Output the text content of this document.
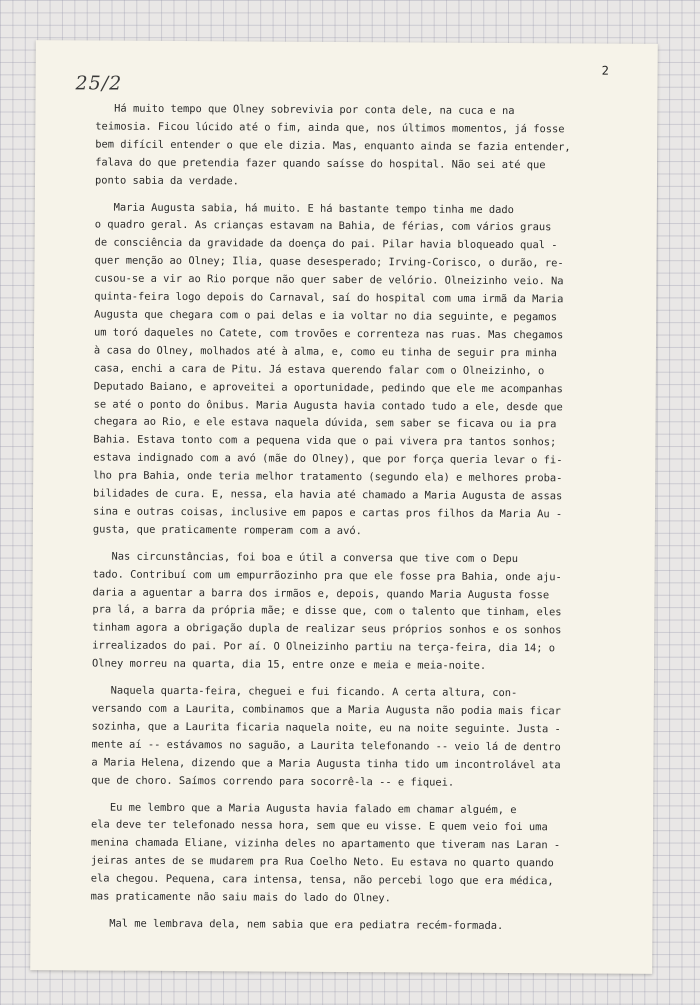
25/2
2
Há muito tempo que Olney sobrevivia por conta dele, na cuca e na
teimosia. Ficou lúcido até o fim, ainda que, nos últimos momentos, já fosse
bem difícil entender o que ele dizia. Mas, enquanto ainda se fazia entender,
falava do que pretendia fazer quando saísse do hospital. Não sei até que
ponto sabia da verdade.
Maria Augusta sabia, há muito. E há bastante tempo tinha me dado
o quadro geral. As crianças estavam na Bahia, de férias, com vários graus
de consciência da gravidade da doença do pai. Pilar havia bloqueado qual -
quer menção ao Olney; Ilia, quase desesperado; Irving-Corisco, o durão, re-
cusou-se a vir ao Rio porque não quer saber de velório. Olneizinho veio. Na
quinta-feira logo depois do Carnaval, saí do hospital com uma irmã da Maria
Augusta que chegara com o pai delas e ia voltar no dia seguinte, e pegamos
um toró daqueles no Catete, com trovões e correnteza nas ruas. Mas chegamos
à casa do Olney, molhados até à alma, e, como eu tinha de seguir pra minha
casa, enchi a cara de Pitu. Já estava querendo falar com o Olneizinho, o
Deputado Baiano, e aproveitei a oportunidade, pedindo que ele me acompanhas
se até o ponto do ônibus. Maria Augusta havia contado tudo a ele, desde que
chegara ao Rio, e ele estava naquela dúvida, sem saber se ficava ou ia pra
Bahia. Estava tonto com a pequena vida que o pai vivera pra tantos sonhos;
estava indignado com a avó (mãe do Olney), que por força queria levar o fi-
lho pra Bahia, onde teria melhor tratamento (segundo ela) e melhores proba-
bilidades de cura. E, nessa, ela havia até chamado a Maria Augusta de assas
sina e outras coisas, inclusive em papos e cartas pros filhos da Maria Au -
gusta, que praticamente romperam com a avó.
Nas circunstâncias, foi boa e útil a conversa que tive com o Depu
tado. Contribuí com um empurrãozinho pra que ele fosse pra Bahia, onde aju-
daria a aguentar a barra dos irmãos e, depois, quando Maria Augusta fosse
pra lá, a barra da própria mãe; e disse que, com o talento que tinham, eles
tinham agora a obrigação dupla de realizar seus próprios sonhos e os sonhos
irrealizados do pai. Por aí. O Olneizinho partiu na terça-feira, dia 14; o
Olney morreu na quarta, dia 15, entre onze e meia e meia-noite.
Naquela quarta-feira, cheguei e fui ficando. A certa altura, con-
versando com a Laurita, combinamos que a Maria Augusta não podia mais ficar
sozinha, que a Laurita ficaria naquela noite, eu na noite seguinte. Justa -
mente aí -- estávamos no saguão, a Laurita telefonando -- veio lá de dentro
a Maria Helena, dizendo que a Maria Augusta tinha tido um incontrolável ata
que de choro. Saímos correndo para socorrê-la -- e fiquei.
Eu me lembro que a Maria Augusta havia falado em chamar alguém, e
ela deve ter telefonado nessa hora, sem que eu visse. E quem veio foi uma
menina chamada Eliane, vizinha deles no apartamento que tiveram nas Laran -
jeiras antes de se mudarem pra Rua Coelho Neto. Eu estava no quarto quando
ela chegou. Pequena, cara intensa, tensa, não percebi logo que era médica,
mas praticamente não saiu mais do lado do Olney.
Mal me lembrava dela, nem sabia que era pediatra recém-formada.
